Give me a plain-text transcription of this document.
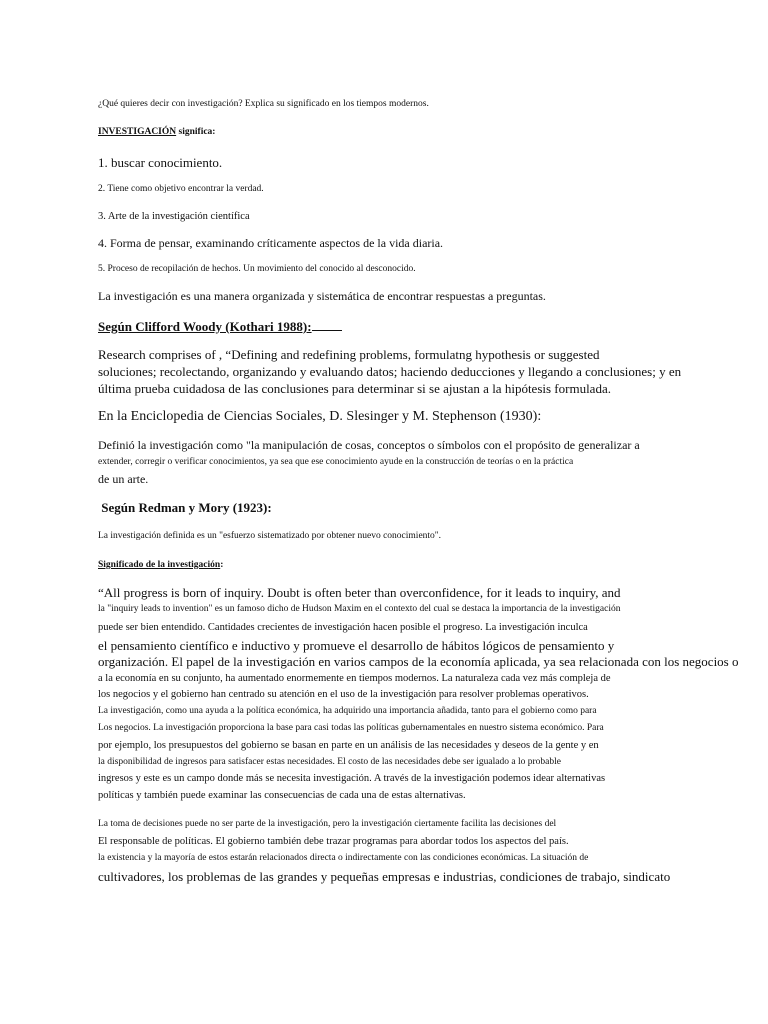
¿Qué quieres decir con investigación? Explica su significado en los tiempos modernos.
INVESTIGACIÓN significa:
1. buscar conocimiento.
2. Tiene como objetivo encontrar la verdad.
3. Arte de la investigación científica
4. Forma de pensar, examinando críticamente aspectos de la vida diaria.
5. Proceso de recopilación de hechos. Un movimiento del conocido al desconocido.
La investigación es una manera organizada y sistemática de encontrar respuestas a preguntas.
Según Clifford Woody (Kothari 1988):
Research comprises of , “Defining and redefining problems, formulatng hypothesis or suggested
soluciones; recolectando, organizando y evaluando datos; haciendo deducciones y llegando a conclusiones; y en
última prueba cuidadosa de las conclusiones para determinar si se ajustan a la hipótesis formulada.
En la Enciclopedia de Ciencias Sociales, D. Slesinger y M. Stephenson (1930):
Definió la investigación como "la manipulación de cosas, conceptos o símbolos con el propósito de generalizar a
extender, corregir o verificar conocimientos, ya sea que ese conocimiento ayude en la construcción de teorías o en la práctica
de un arte.
Según Redman y Mory (1923):
La investigación definida es un "esfuerzo sistematizado por obtener nuevo conocimiento".
Significado de la investigación:
“All progress is born of inquiry. Doubt is often beter than overconfidence, for it leads to inquiry, and
la "inquiry leads to invention" es un famoso dicho de Hudson Maxim en el contexto del cual se destaca la importancia de la investigación
puede ser bien entendido. Cantidades crecientes de investigación hacen posible el progreso. La investigación inculca
el pensamiento científico e inductivo y promueve el desarrollo de hábitos lógicos de pensamiento y
organización. El papel de la investigación en varios campos de la economía aplicada, ya sea relacionada con los negocios o
a la economía en su conjunto, ha aumentado enormemente en tiempos modernos. La naturaleza cada vez más compleja de
los negocios y el gobierno han centrado su atención en el uso de la investigación para resolver problemas operativos.
La investigación, como una ayuda a la política económica, ha adquirido una importancia añadida, tanto para el gobierno como para
Los negocios. La investigación proporciona la base para casi todas las políticas gubernamentales en nuestro sistema económico. Para
por ejemplo, los presupuestos del gobierno se basan en parte en un análisis de las necesidades y deseos de la gente y en
la disponibilidad de ingresos para satisfacer estas necesidades. El costo de las necesidades debe ser igualado a lo probable
ingresos y este es un campo donde más se necesita investigación. A través de la investigación podemos idear alternativas
políticas y también puede examinar las consecuencias de cada una de estas alternativas.
La toma de decisiones puede no ser parte de la investigación, pero la investigación ciertamente facilita las decisiones del
El responsable de políticas. El gobierno también debe trazar programas para abordar todos los aspectos del país.
la existencia y la mayoría de estos estarán relacionados directa o indirectamente con las condiciones económicas. La situación de
cultivadores, los problemas de las grandes y pequeñas empresas e industrias, condiciones de trabajo, sindicato
